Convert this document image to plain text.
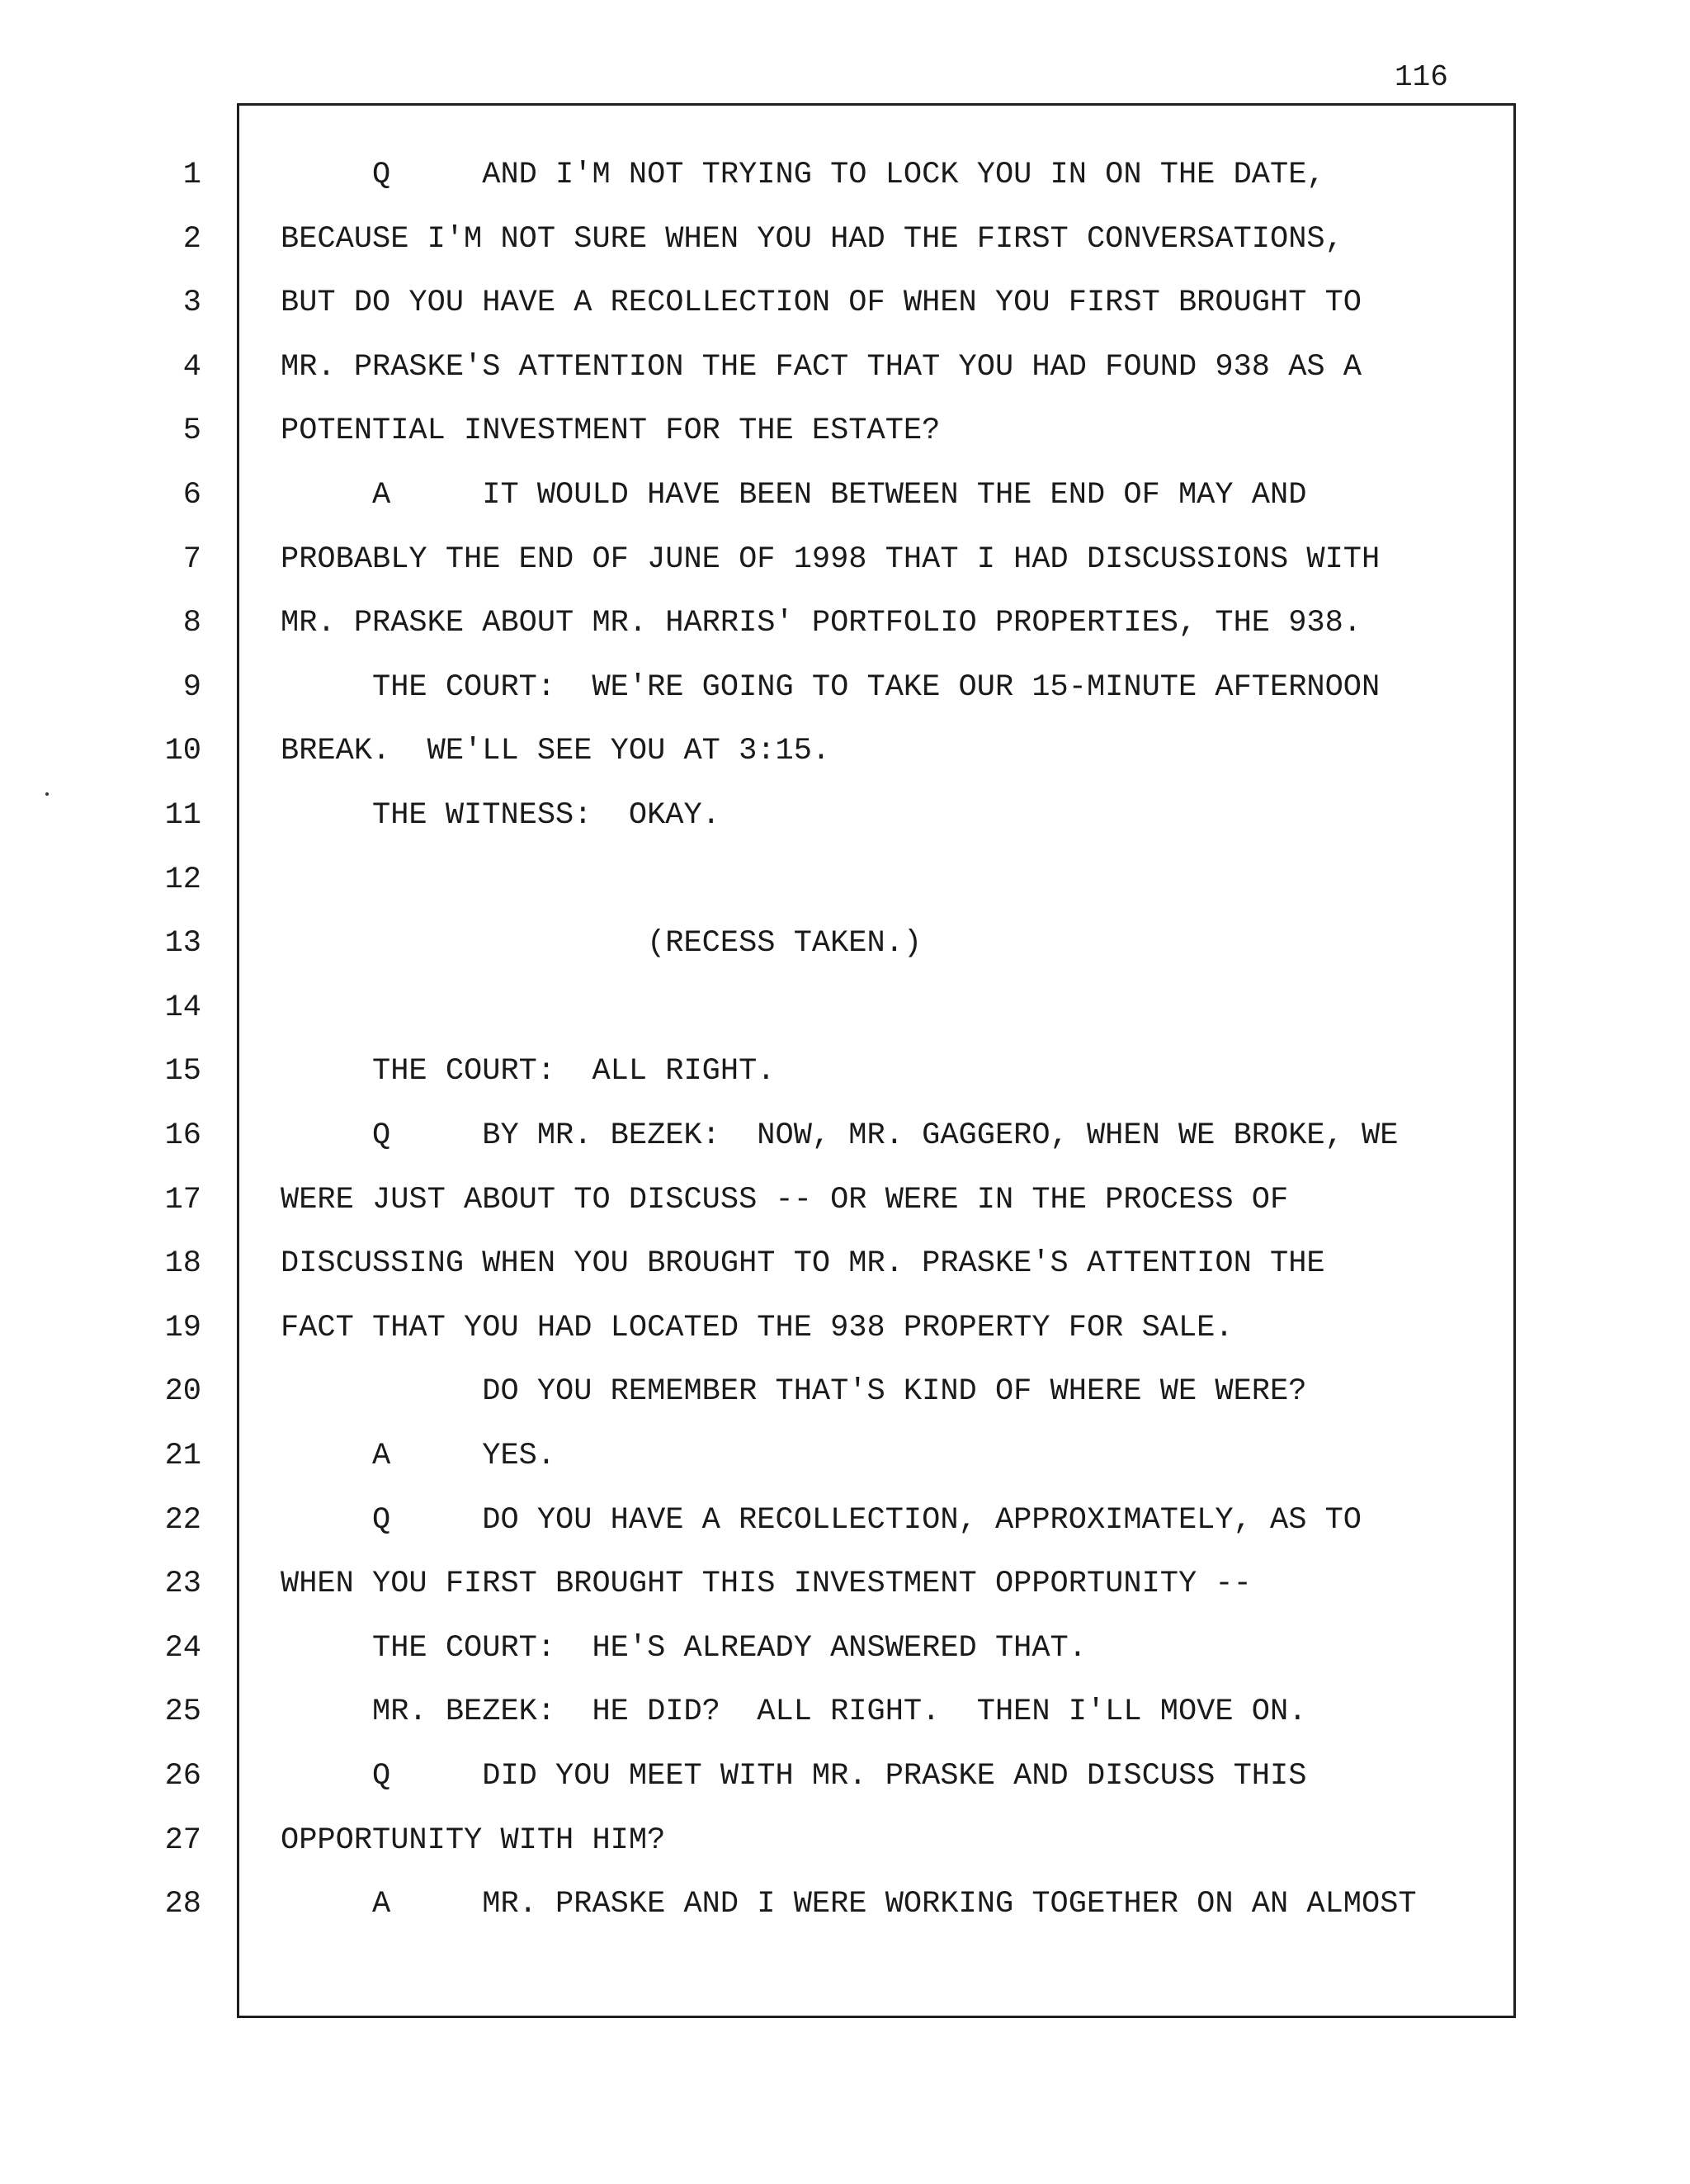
116
1
2
3
4
5
6
7
8
9
10
11
12
13
14
15
16
17
18
19
20
21
22
23
24
25
26
27
28
Q     AND I'M NOT TRYING TO LOCK YOU IN ON THE DATE,
BECAUSE I'M NOT SURE WHEN YOU HAD THE FIRST CONVERSATIONS,
BUT DO YOU HAVE A RECOLLECTION OF WHEN YOU FIRST BROUGHT TO
MR. PRASKE'S ATTENTION THE FACT THAT YOU HAD FOUND 938 AS A
POTENTIAL INVESTMENT FOR THE ESTATE?
A     IT WOULD HAVE BEEN BETWEEN THE END OF MAY AND
PROBABLY THE END OF JUNE OF 1998 THAT I HAD DISCUSSIONS WITH
MR. PRASKE ABOUT MR. HARRIS' PORTFOLIO PROPERTIES, THE 938.
THE COURT:  WE'RE GOING TO TAKE OUR 15-MINUTE AFTERNOON
BREAK.  WE'LL SEE YOU AT 3:15.
THE WITNESS:  OKAY.
(RECESS TAKEN.)
THE COURT:  ALL RIGHT.
Q     BY MR. BEZEK:  NOW, MR. GAGGERO, WHEN WE BROKE, WE
WERE JUST ABOUT TO DISCUSS -- OR WERE IN THE PROCESS OF
DISCUSSING WHEN YOU BROUGHT TO MR. PRASKE'S ATTENTION THE
FACT THAT YOU HAD LOCATED THE 938 PROPERTY FOR SALE.
DO YOU REMEMBER THAT'S KIND OF WHERE WE WERE?
A     YES.
Q     DO YOU HAVE A RECOLLECTION, APPROXIMATELY, AS TO
WHEN YOU FIRST BROUGHT THIS INVESTMENT OPPORTUNITY --
THE COURT:  HE'S ALREADY ANSWERED THAT.
MR. BEZEK:  HE DID?  ALL RIGHT.  THEN I'LL MOVE ON.
Q     DID YOU MEET WITH MR. PRASKE AND DISCUSS THIS
OPPORTUNITY WITH HIM?
A     MR. PRASKE AND I WERE WORKING TOGETHER ON AN ALMOST
